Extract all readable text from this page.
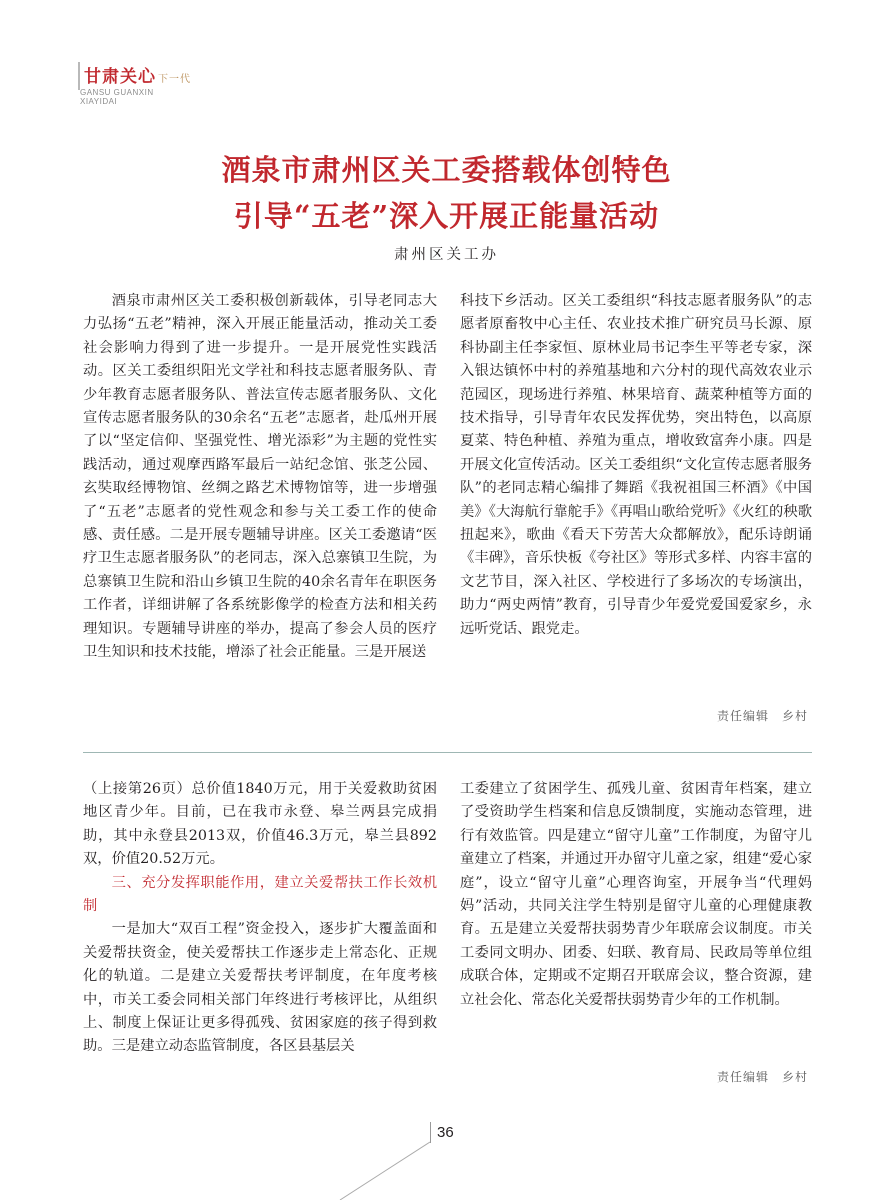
甘肃关心 下一代
GANSU GUANXIN
XIAYIDAI
酒泉市肃州区关工委搭载体创特色
引导“五老”深入开展正能量活动
肃州区关工办

酒泉市肃州区关工委积极创新载体，引导老同志大力弘扬“五老”精神，深入开展正能量活动，推动关工委社会影响力得到了进一步提升。一是开展党性实践活动。区关工委组织阳光文学社和科技志愿者服务队、青少年教育志愿者服务队、普法宣传志愿者服务队、文化宣传志愿者服务队的30余名“五老”志愿者，赴瓜州开展了以“坚定信仰、坚强党性、增光添彩”为主题的党性实践活动，通过观摩西路军最后一站纪念馆、张芝公园、玄奘取经博物馆、丝绸之路艺术博物馆等，进一步增强了“五老”志愿者的党性观念和参与关工委工作的使命感、责任感。二是开展专题辅导讲座。区关工委邀请“医疗卫生志愿者服务队”的老同志，深入总寨镇卫生院，为总寨镇卫生院和沿山乡镇卫生院的40余名青年在职医务工作者，详细讲解了各系统影像学的检查方法和相关药理知识。专题辅导讲座的举办，提高了参会人员的医疗卫生知识和技术技能，增添了社会正能量。三是开展送

科技下乡活动。区关工委组织“科技志愿者服务队”的志愿者原畜牧中心主任、农业技术推广研究员马长源、原科协副主任李家恒、原林业局书记李生平等老专家，深入银达镇怀中村的养殖基地和六分村的现代高效农业示范园区，现场进行养殖、林果培育、蔬菜种植等方面的技术指导，引导青年农民发挥优势，突出特色，以高原夏菜、特色种植、养殖为重点，增收致富奔小康。四是开展文化宣传活动。区关工委组织“文化宣传志愿者服务队”的老同志精心编排了舞蹈《我祝祖国三杯酒》《中国美》《大海航行靠舵手》《再唱山歌给党听》《火红的秧歌扭起来》，歌曲《看天下劳苦大众都解放》，配乐诗朗诵《丰碑》，音乐快板《夸社区》等形式多样、内容丰富的文艺节目，深入社区、学校进行了多场次的专场演出，助力“两史两情”教育，引导青少年爱党爱国爱家乡，永远听党话、跟党走。

责任编辑　乡村

（上接第26页）总价值1840万元，用于关爱救助贫困地区青少年。目前，已在我市永登、皋兰两县完成捐助，其中永登县2013双，价值46.3万元，皋兰县892双，价值20.52万元。

三、充分发挥职能作用，建立关爱帮扶工作长效机制

一是加大“双百工程”资金投入，逐步扩大覆盖面和关爱帮扶资金，使关爱帮扶工作逐步走上常态化、正规化的轨道。二是建立关爱帮扶考评制度，在年度考核中，市关工委会同相关部门年终进行考核评比，从组织上、制度上保证让更多得孤残、贫困家庭的孩子得到救助。三是建立动态监管制度，各区县基层关

工委建立了贫困学生、孤残儿童、贫困青年档案，建立了受资助学生档案和信息反馈制度，实施动态管理，进行有效监管。四是建立“留守儿童”工作制度，为留守儿童建立了档案，并通过开办留守儿童之家，组建“爱心家庭”，设立“留守儿童”心理咨询室，开展争当“代理妈妈”活动，共同关注学生特别是留守儿童的心理健康教育。五是建立关爱帮扶弱势青少年联席会议制度。市关工委同文明办、团委、妇联、教育局、民政局等单位组成联合体，定期或不定期召开联席会议，整合资源，建立社会化、常态化关爱帮扶弱势青少年的工作机制。

责任编辑　乡村
36
